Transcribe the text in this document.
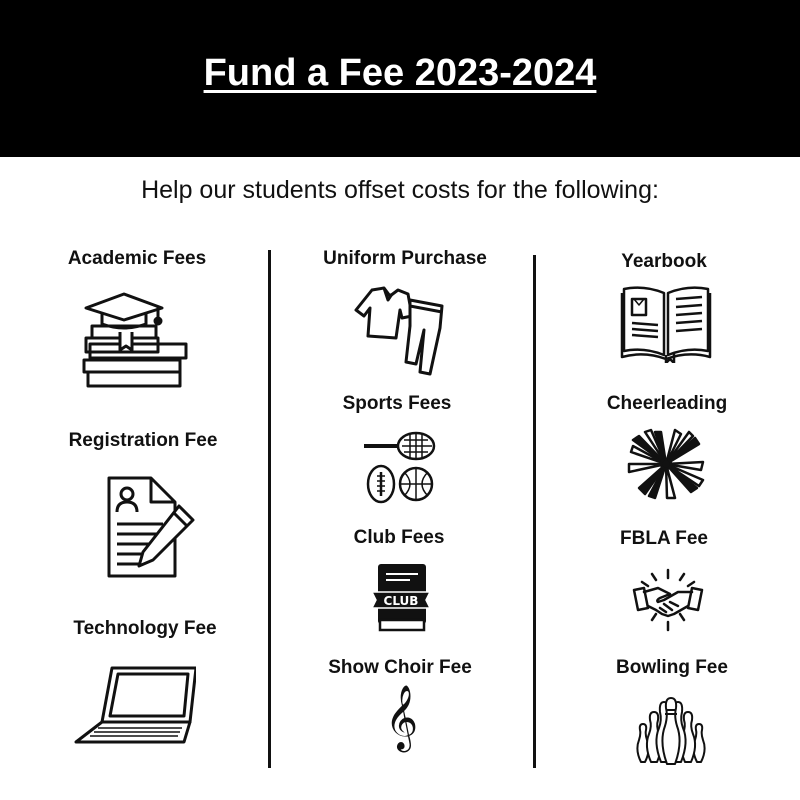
Fund a Fee 2023-2024
Help our students offset costs for the following:
Academic Fees
Registration Fee
Technology Fee
Uniform Purchase
Sports Fees
Club Fees
CLUB
Show Choir Fee
𝄞
Yearbook
Cheerleading
FBLA Fee
Bowling Fee
